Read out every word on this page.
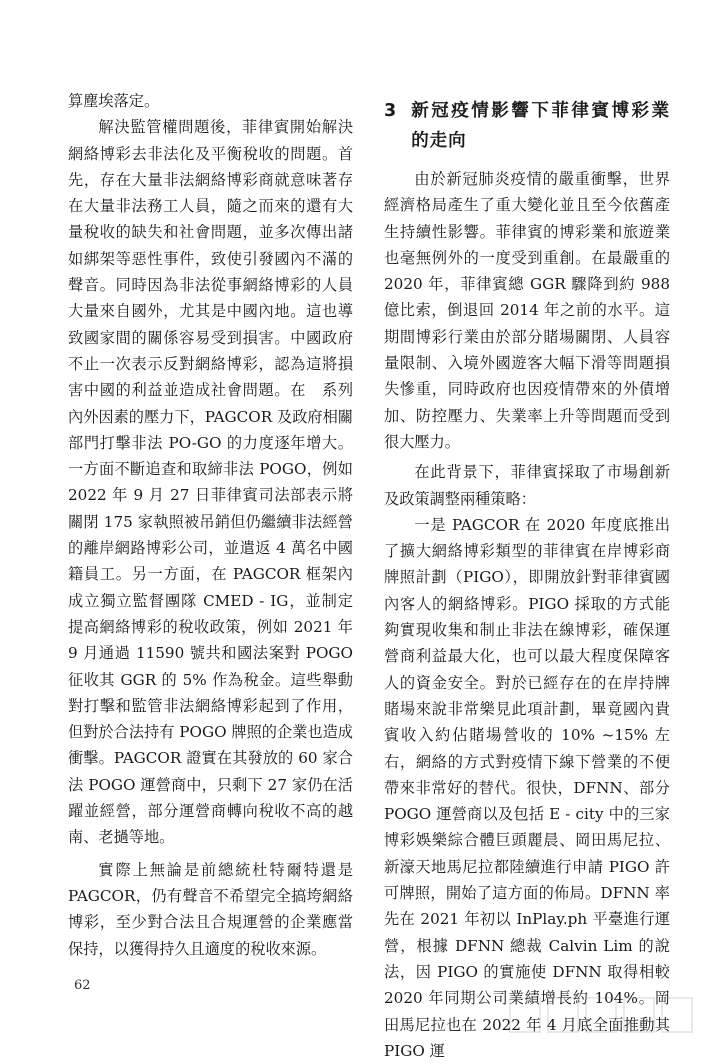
算塵埃落定。

解決監管權問題後，菲律賓開始解決網絡博彩去非法化及平衡稅收的問題。首先，存在大量非法網絡博彩商就意味著存在大量非法務工人員，隨之而來的還有大量稅收的缺失和社會問題，並多次傳出諸如綁架等惡性事件，致使引發國內不滿的聲音。同時因為非法從事網絡博彩的人員大量來自國外，尤其是中國內地。這也導致國家間的關係容易受到損害。中國政府不止一次表示反對網絡博彩，認為這將損害中國的利益並造成社會問題。在　系列內外因素的壓力下，PAGCOR 及政府相關部門打擊非法 PO-GO 的力度逐年增大。一方面不斷追查和取締非法 POGO，例如 2022 年 9 月 27 日菲律賓司法部表示將關閉 175 家執照被吊銷但仍繼續非法經營的離岸網路博彩公司，並遣返 4 萬名中國籍員工。另一方面，在 PAGCOR 框架內成立獨立監督團隊 CMED - IG，並制定提高網絡博彩的稅收政策，例如 2021 年 9 月通過 11590 號共和國法案對 POGO 征收其 GGR 的 5% 作為稅金。這些舉動對打擊和監管非法網絡博彩起到了作用，但對於合法持有 POGO 牌照的企業也造成衝擊。PAGCOR 證實在其發放的 60 家合法 POGO 運營商中，只剩下 27 家仍在活躍並經營，部分運營商轉向稅收不高的越南、老撾等地。

實際上無論是前總統杜特爾特還是 PAGCOR，仍有聲音不希望完全搞垮網絡博彩，至少對合法且合規運營的企業應當保持，以獲得持久且適度的稅收來源。

3 新冠疫情影響下菲律賓博彩業的走向

由於新冠肺炎疫情的嚴重衝擊，世界經濟格局產生了重大變化並且至今依舊產生持續性影響。菲律賓的博彩業和旅遊業也毫無例外的一度受到重創。在最嚴重的 2020 年，菲律賓總 GGR 驟降到約 988 億比索，倒退回 2014 年之前的水平。這期間博彩行業由於部分賭場關閉、人員容量限制、入境外國遊客大幅下滑等問題損失慘重，同時政府也因疫情帶來的外債增加、防控壓力、失業率上升等問題而受到很大壓力。

在此背景下，菲律賓採取了市場創新及政策調整兩種策略：

一是 PAGCOR 在 2020 年度底推出了擴大網絡博彩類型的菲律賓在岸博彩商牌照計劃（PIGO），即開放針對菲律賓國內客人的網絡博彩。PIGO 採取的方式能夠實現收集和制止非法在線博彩，確保運營商利益最大化，也可以最大程度保障客人的資金安全。對於已經存在的在岸持牌賭場來說非常樂見此項計劃，畢竟國內貴賓收入約佔賭場營收的 10% ~15% 左右，網絡的方式對疫情下線下營業的不便帶來非常好的替代。很快，DFNN、部分 POGO 運營商以及包括 E - city 中的三家博彩娛樂綜合體巨頭麗晨、岡田馬尼拉、新濠天地馬尼拉都陸續進行申請 PIGO 許可牌照，開始了這方面的佈局。DFNN 率先在 2021 年初以 InPlay.ph 平臺進行運營，根據 DFNN 總裁 Calvin Lim 的說法，因 PIGO 的實施使 DFNN 取得相較 2020 年同期公司業績增長約 104%。岡田馬尼拉也在 2022 年 4 月底全面推動其 PIGO 運

62
